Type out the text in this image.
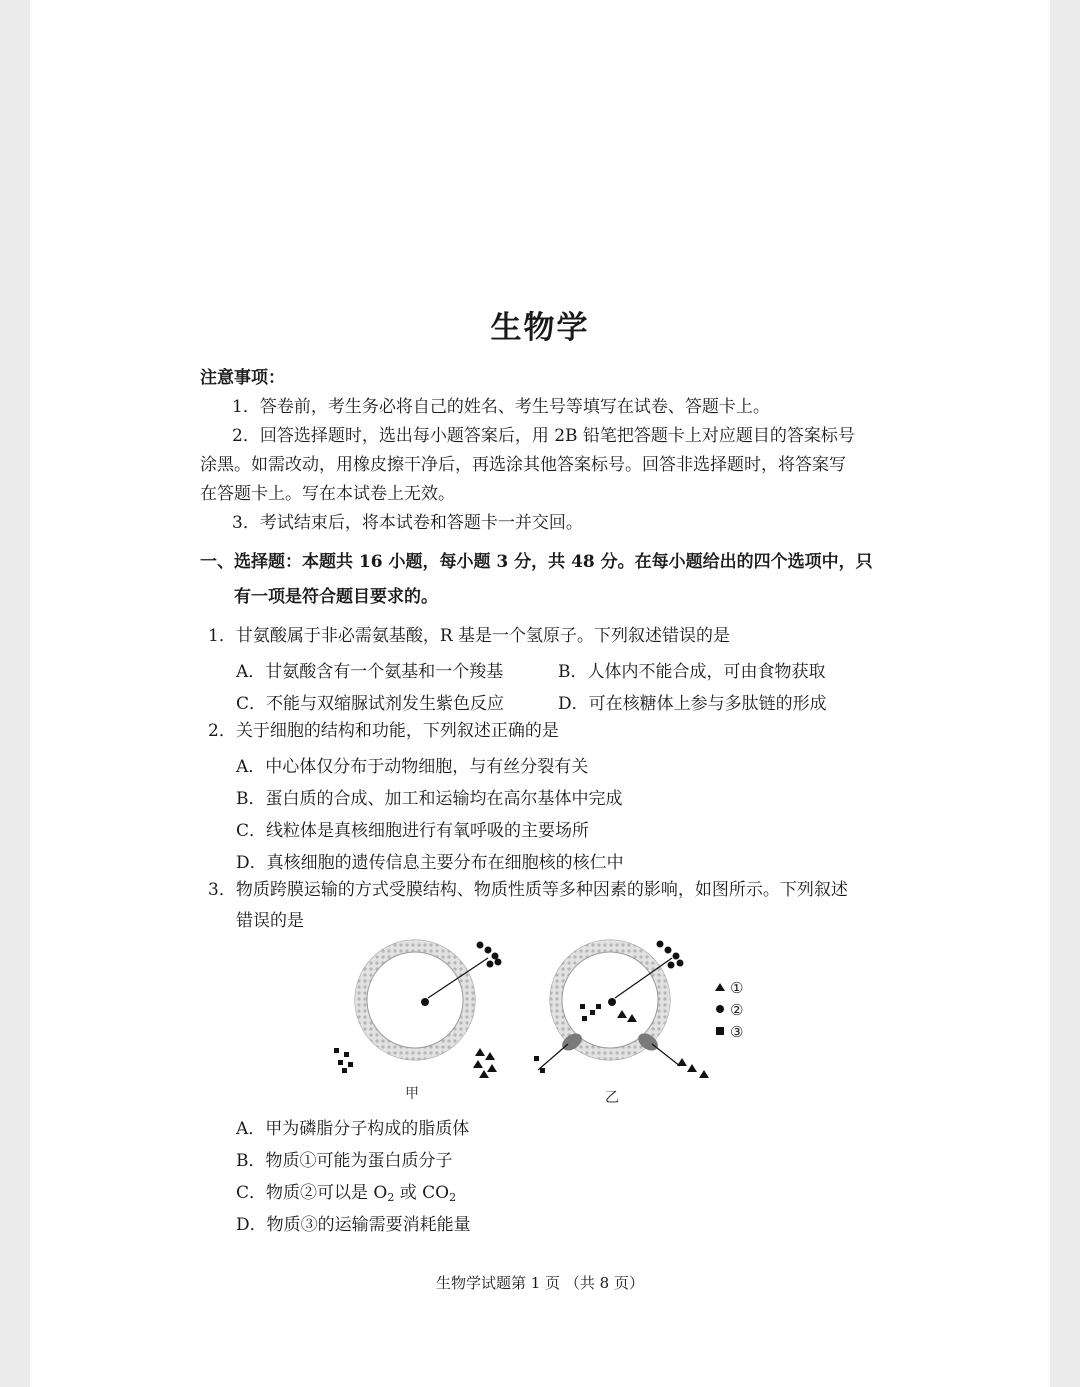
生物学
注意事项：
1．答卷前，考生务必将自己的姓名、考生号等填写在试卷、答题卡上。
2．回答选择题时，选出每小题答案后，用 2B 铅笔把答题卡上对应题目的答案标号
涂黑。如需改动，用橡皮擦干净后，再选涂其他答案标号。回答非选择题时，将答案写
在答题卡上。写在本试卷上无效。
3．考试结束后，将本试卷和答题卡一并交回。
一、选择题：本题共 16 小题，每小题 3 分，共 48 分。在每小题给出的四个选项中，只
有一项是符合题目要求的。
1．甘氨酸属于非必需氨基酸，R 基是一个氢原子。下列叙述错误的是
A．甘氨酸含有一个氨基和一个羧基	B．人体内不能合成，可由食物获取
C．不能与双缩脲试剂发生紫色反应	D．可在核糖体上参与多肽链的形成
2．关于细胞的结构和功能，下列叙述正确的是
A．中心体仅分布于动物细胞，与有丝分裂有关
B．蛋白质的合成、加工和运输均在高尔基体中完成
C．线粒体是真核细胞进行有氧呼吸的主要场所
D．真核细胞的遗传信息主要分布在细胞核的核仁中
3．物质跨膜运输的方式受膜结构、物质性质等多种因素的影响，如图所示。下列叙述
错误的是
①
②
③
甲	乙
A．甲为磷脂分子构成的脂质体
B．物质①可能为蛋白质分子
C．物质②可以是 $O_2$ 或 $CO_2$
D．物质③的运输需要消耗能量
生物学试题第 1 页 （共 8 页）
